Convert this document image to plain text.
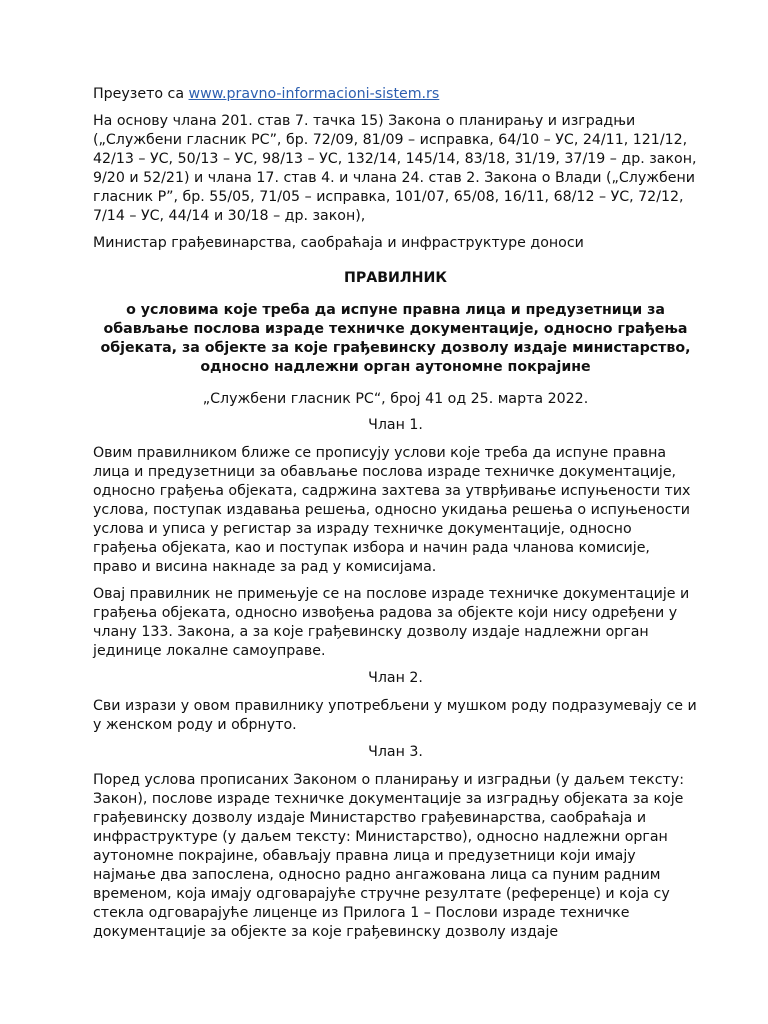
Преузето са www.pravno-informacioni-sistem.rs

На основу члана 201. став 7. тачка 15) Закона о планирању и изградњи („Службени гласник РС”, бр. 72/09, 81/09 – исправка, 64/10 – УС, 24/11, 121/12, 42/13 – УС, 50/13 – УС, 98/13 – УС, 132/14, 145/14, 83/18, 31/19, 37/19 – др. закон, 9/20 и 52/21) и члана 17. став 4. и члана 24. став 2. Закона о Влади („Службени гласник Р”, бр. 55/05, 71/05 – исправка, 101/07, 65/08, 16/11, 68/12 – УС, 72/12, 7/14 – УС, 44/14 и 30/18 – др. закон),

Министар грађевинарства, саобраћаја и инфраструктуре доноси

ПРАВИЛНИК

о условима које треба да испуне правна лица и предузетници за обављање послова израде техничке документације, односно грађења објеката, за објекте за које грађевинску дозволу издаје министарство, односно надлежни орган аутономне покрајине

„Службени гласник РС“, број 41 од 25. марта 2022.

Члан 1.

Овим правилником ближе се прописују услови које треба да испуне правна лица и предузетници за обављање послова израде техничке документације, односно грађења објеката, садржина захтева за утврђивање испуњености тих услова, поступак издавања решења, односно укидања решења о испуњености услова и уписа у регистар за израду техничке документације, односно грађења објеката, као и поступак избора и начин рада чланова комисије, право и висина накнаде за рад у комисијама.

Овај правилник не примењује се на послове израде техничке документације и грађења објеката, односно извођења радова за објекте који нису одређени у члану 133. Закона, а за које грађевинску дозволу издаје надлежни орган јединице локалне самоуправе.

Члан 2.

Сви изрази у овом правилнику употребљени у мушком роду подразумевају се и у женском роду и обрнуто.

Члан 3.

Поред услова прописаних Законом о планирању и изградњи (у даљем тексту: Закон), послове израде техничке документације за изградњу објеката за које грађевинску дозволу издаје Министарство грађевинарства, саобраћаја и инфраструктуре (у даљем тексту: Министарство), односно надлежни орган аутономне покрајине, обављају правна лица и предузетници који имају најмање два запослена, односно радно ангажована лица са пуним радним временом, која имају одговарајуће стручне резултате (референце) и која су стекла одговарајуће лиценце из Прилога 1 – Послови израде техничке документације за објекте за које грађевинску дозволу издаје
